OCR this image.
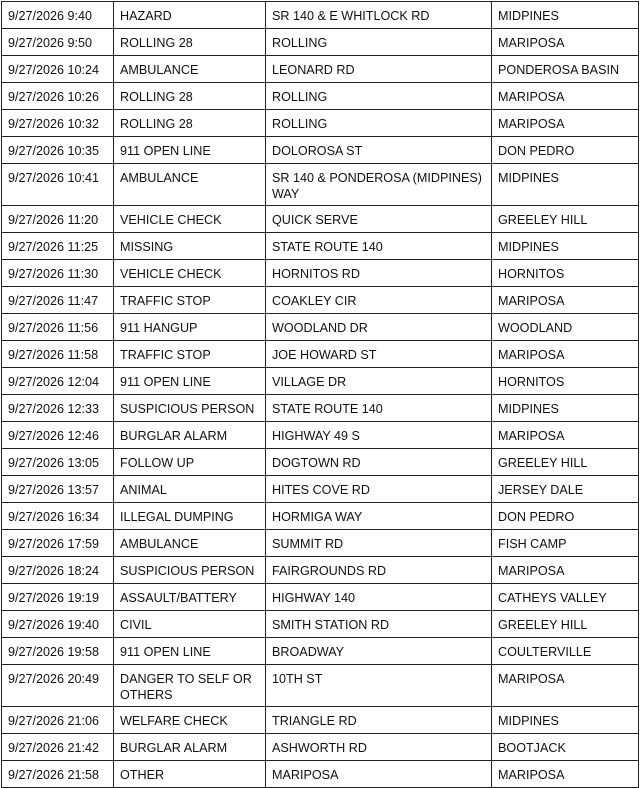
9/27/2026 9:40	HAZARD	SR 140 & E WHITLOCK RD	MIDPINES
9/27/2026 9:50	ROLLING 28	ROLLING	MARIPOSA
9/27/2026 10:24	AMBULANCE	LEONARD RD	PONDEROSA BASIN
9/27/2026 10:26	ROLLING 28	ROLLING	MARIPOSA
9/27/2026 10:32	ROLLING 28	ROLLING	MARIPOSA
9/27/2026 10:35	911 OPEN LINE	DOLOROSA ST	DON PEDRO
9/27/2026 10:41	AMBULANCE	SR 140 & PONDEROSA (MIDPINES) WAY	MIDPINES
9/27/2026 11:20	VEHICLE CHECK	QUICK SERVE	GREELEY HILL
9/27/2026 11:25	MISSING	STATE ROUTE 140	MIDPINES
9/27/2026 11:30	VEHICLE CHECK	HORNITOS RD	HORNITOS
9/27/2026 11:47	TRAFFIC STOP	COAKLEY CIR	MARIPOSA
9/27/2026 11:56	911 HANGUP	WOODLAND DR	WOODLAND
9/27/2026 11:58	TRAFFIC STOP	JOE HOWARD ST	MARIPOSA
9/27/2026 12:04	911 OPEN LINE	VILLAGE DR	HORNITOS
9/27/2026 12:33	SUSPICIOUS PERSON	STATE ROUTE 140	MIDPINES
9/27/2026 12:46	BURGLAR ALARM	HIGHWAY 49 S	MARIPOSA
9/27/2026 13:05	FOLLOW UP	DOGTOWN RD	GREELEY HILL
9/27/2026 13:57	ANIMAL	HITES COVE RD	JERSEY DALE
9/27/2026 16:34	ILLEGAL DUMPING	HORMIGA WAY	DON PEDRO
9/27/2026 17:59	AMBULANCE	SUMMIT RD	FISH CAMP
9/27/2026 18:24	SUSPICIOUS PERSON	FAIRGROUNDS RD	MARIPOSA
9/27/2026 19:19	ASSAULT/BATTERY	HIGHWAY 140	CATHEYS VALLEY
9/27/2026 19:40	CIVIL	SMITH STATION RD	GREELEY HILL
9/27/2026 19:58	911 OPEN LINE	BROADWAY	COULTERVILLE
9/27/2026 20:49	DANGER TO SELF OR OTHERS	10TH ST	MARIPOSA
9/27/2026 21:06	WELFARE CHECK	TRIANGLE RD	MIDPINES
9/27/2026 21:42	BURGLAR ALARM	ASHWORTH RD	BOOTJACK
9/27/2026 21:58	OTHER	MARIPOSA	MARIPOSA
